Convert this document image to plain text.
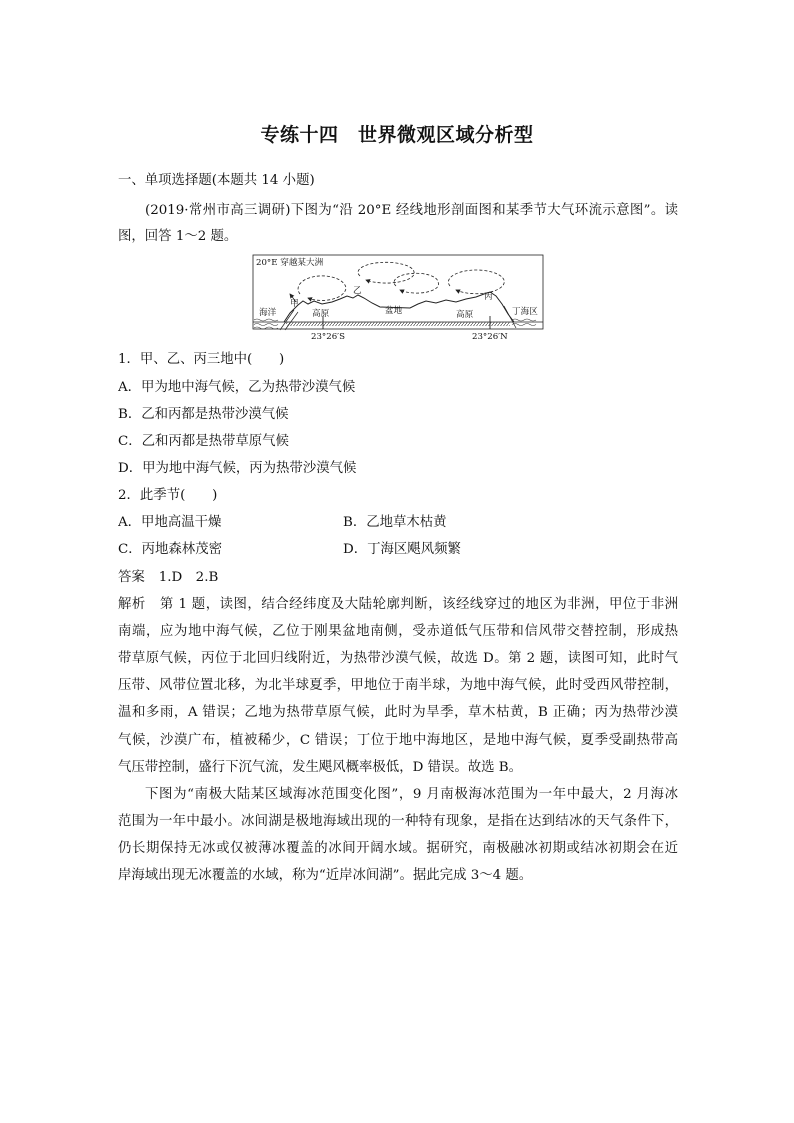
专练十四　世界微观区域分析型
一、单项选择题(本题共 14 小题)
(2019·常州市高三调研)下图为“沿 20°E 经线地形剖面图和某季节大气环流示意图”。读
图，回答 1～2 题。
20°E 穿越某大洲
海洋
甲
乙
高原	盆地	高原
丙
丁海区
23°26′S	23°26′N
1．甲、乙、丙三地中(　　)
A．甲为地中海气候，乙为热带沙漠气候
B．乙和丙都是热带沙漠气候
C．乙和丙都是热带草原气候
D．甲为地中海气候，丙为热带沙漠气候
2．此季节(　　)
A．甲地高温干燥	B．乙地草木枯黄
C．丙地森林茂密	D．丁海区飓风频繁
答案 1.D　2.B
解析 第 1 题，读图，结合经纬度及大陆轮廓判断，该经线穿过的地区为非洲，甲位于非洲
南端，应为地中海气候，乙位于刚果盆地南侧，受赤道低气压带和信风带交替控制，形成热
带草原气候，丙位于北回归线附近，为热带沙漠气候，故选 D。第 2 题，读图可知，此时气
压带、风带位置北移，为北半球夏季，甲地位于南半球，为地中海气候，此时受西风带控制，
温和多雨，A 错误；乙地为热带草原气候，此时为旱季，草木枯黄，B 正确；丙为热带沙漠
气候，沙漠广布，植被稀少，C 错误；丁位于地中海地区，是地中海气候，夏季受副热带高
气压带控制，盛行下沉气流，发生飓风概率极低，D 错误。故选 B。
下图为“南极大陆某区域海冰范围变化图”，9 月南极海冰范围为一年中最大，2 月海冰
范围为一年中最小。冰间湖是极地海域出现的一种特有现象，是指在达到结冰的天气条件下，
仍长期保持无冰或仅被薄冰覆盖的冰间开阔水域。据研究，南极融冰初期或结冰初期会在近
岸海域出现无冰覆盖的水域，称为“近岸冰间湖”。据此完成 3～4 题。
